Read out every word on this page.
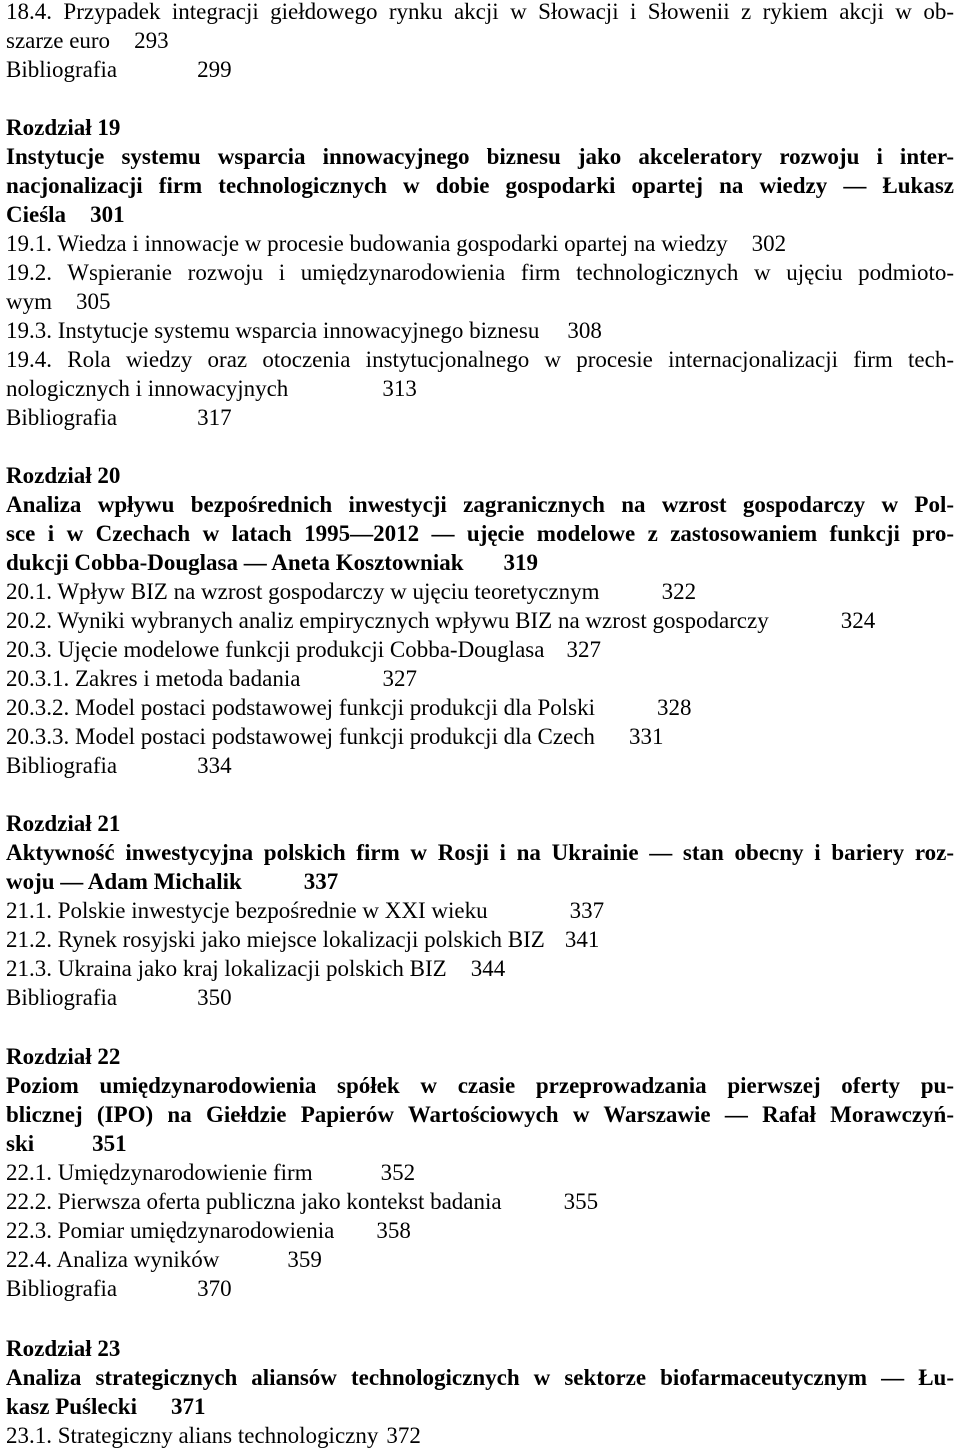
18.4. Przypadek integracji giełdowego rynku akcji w Słowacji i Słowenii z rykiem akcji w ob-
szarze euro 293
Bibliografia	299
Rozdział 19
Instytucje systemu wsparcia innowacyjnego biznesu jako akceleratory rozwoju i inter-
nacjonalizacji firm technologicznych w dobie gospodarki opartej na wiedzy — Łukasz
Cieśla 301
19.1. Wiedza i innowacje w procesie budowania gospodarki opartej na wiedzy 302
19.2. Wspieranie rozwoju i umiędzynarodowienia firm technologicznych w ujęciu podmioto-
wym 305
19.3. Instytucje systemu wsparcia innowacyjnego biznesu 308
19.4. Rola wiedzy oraz otoczenia instytucjonalnego w procesie internacjonalizacji firm tech-
nologicznych i innowacyjnych	313
Bibliografia	317
Rozdział 20
Analiza wpływu bezpośrednich inwestycji zagranicznych na wzrost gospodarczy w Pol-
sce i w Czechach w latach 1995—2012 — ujęcie modelowe z zastosowaniem funkcji pro-
dukcji Cobba-Douglasa — Aneta Kosztowniak 319
20.1. Wpływ BIZ na wzrost gospodarczy w ujęciu teoretycznym	322
20.2. Wyniki wybranych analiz empirycznych wpływu BIZ na wzrost gospodarczy	324
20.3. Ujęcie modelowe funkcji produkcji Cobba-Douglasa 327
20.3.1. Zakres i metoda badania	327
20.3.2. Model postaci podstawowej funkcji produkcji dla Polski	328
20.3.3. Model postaci podstawowej funkcji produkcji dla Czech 331
Bibliografia	334
Rozdział 21
Aktywność inwestycyjna polskich firm w Rosji i na Ukrainie — stan obecny i bariery roz-
woju — Adam Michalik	337
21.1. Polskie inwestycje bezpośrednie w XXI wieku	337
21.2. Rynek rosyjski jako miejsce lokalizacji polskich BIZ 341
21.3. Ukraina jako kraj lokalizacji polskich BIZ 344
Bibliografia	350
Rozdział 22
Poziom umiędzynarodowienia spółek w czasie przeprowadzania pierwszej oferty pu-
blicznej (IPO) na Giełdzie Papierów Wartościowych w Warszawie — Rafał Morawczyń-
ski	351
22.1. Umiędzynarodowienie firm	352
22.2. Pierwsza oferta publiczna jako kontekst badania	355
22.3. Pomiar umiędzynarodowienia 358
22.4. Analiza wyników	359
Bibliografia	370
Rozdział 23
Analiza strategicznych aliansów technologicznych w sektorze biofarmaceutycznym — Łu-
kasz Puślecki 371
23.1. Strategiczny alians technologiczny 372
